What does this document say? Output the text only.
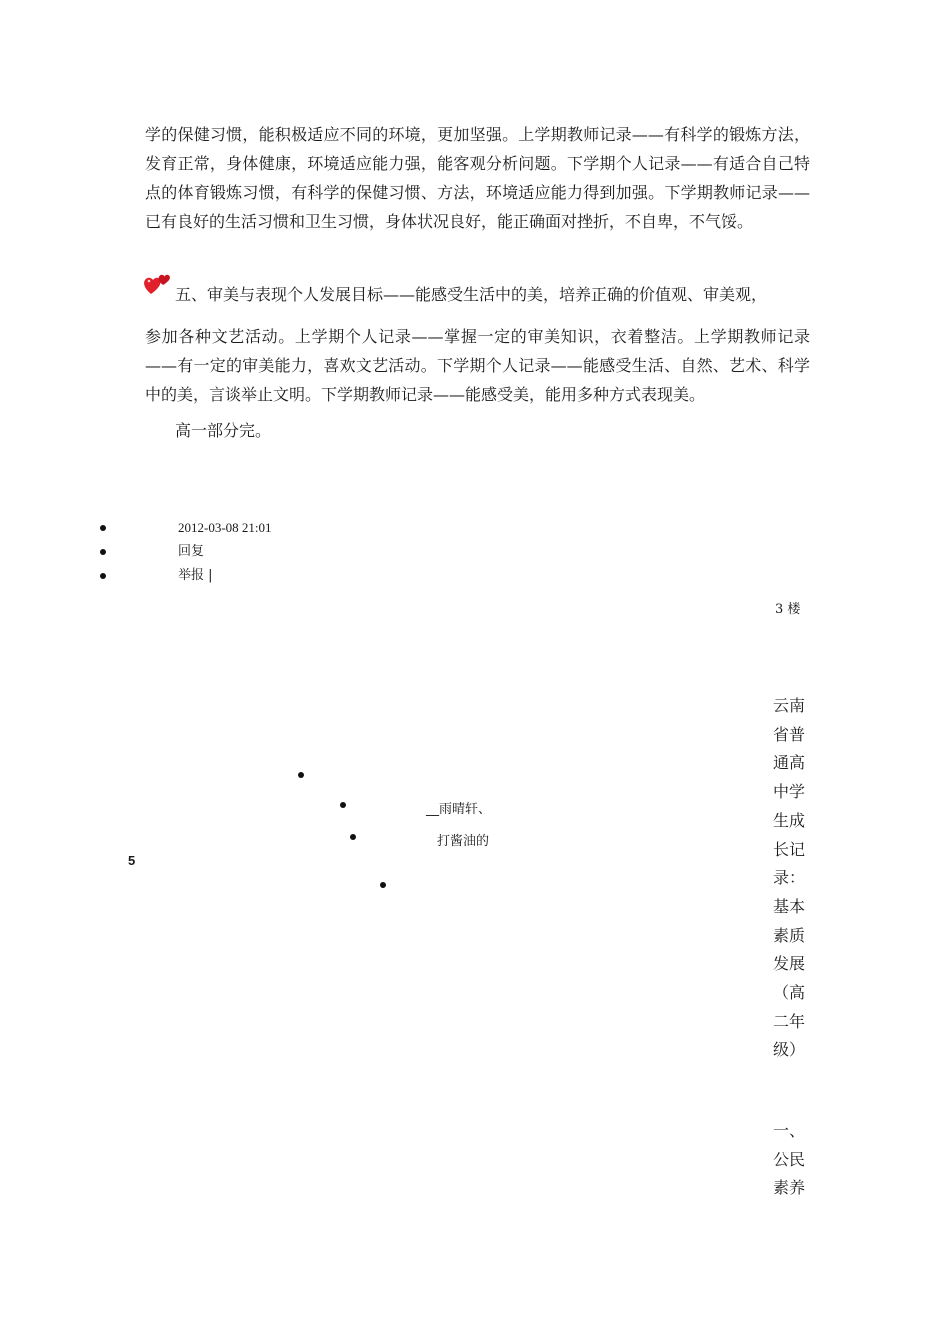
学的保健习惯，能积极适应不同的环境，更加坚强。上学期教师记录——有科学的锻炼方法，发育正常，身体健康，环境适应能力强，能客观分析问题。下学期个人记录——有适合自己特点的体育锻炼习惯，有科学的保健习惯、方法，环境适应能力得到加强。下学期教师记录——已有良好的生活习惯和卫生习惯，身体状况良好，能正确面对挫折，不自卑，不气馁。

五、审美与表现个人发展目标——能感受生活中的美，培养正确的价值观、审美观，
参加各种文艺活动。上学期个人记录——掌握一定的审美知识，衣着整洁。上学期教师记录——有一定的审美能力，喜欢文艺活动。下学期个人记录——能感受生活、自然、艺术、科学中的美，言谈举止文明。下学期教师记录——能感受美，能用多种方式表现美。

高一部分完。
2012-03-08 21:01
回复
举报 |
3 楼
__雨晴轩、
打酱油的
5
云南省普通高中学生成长记录：基本素质发展（高二年级）
一、公民素养
